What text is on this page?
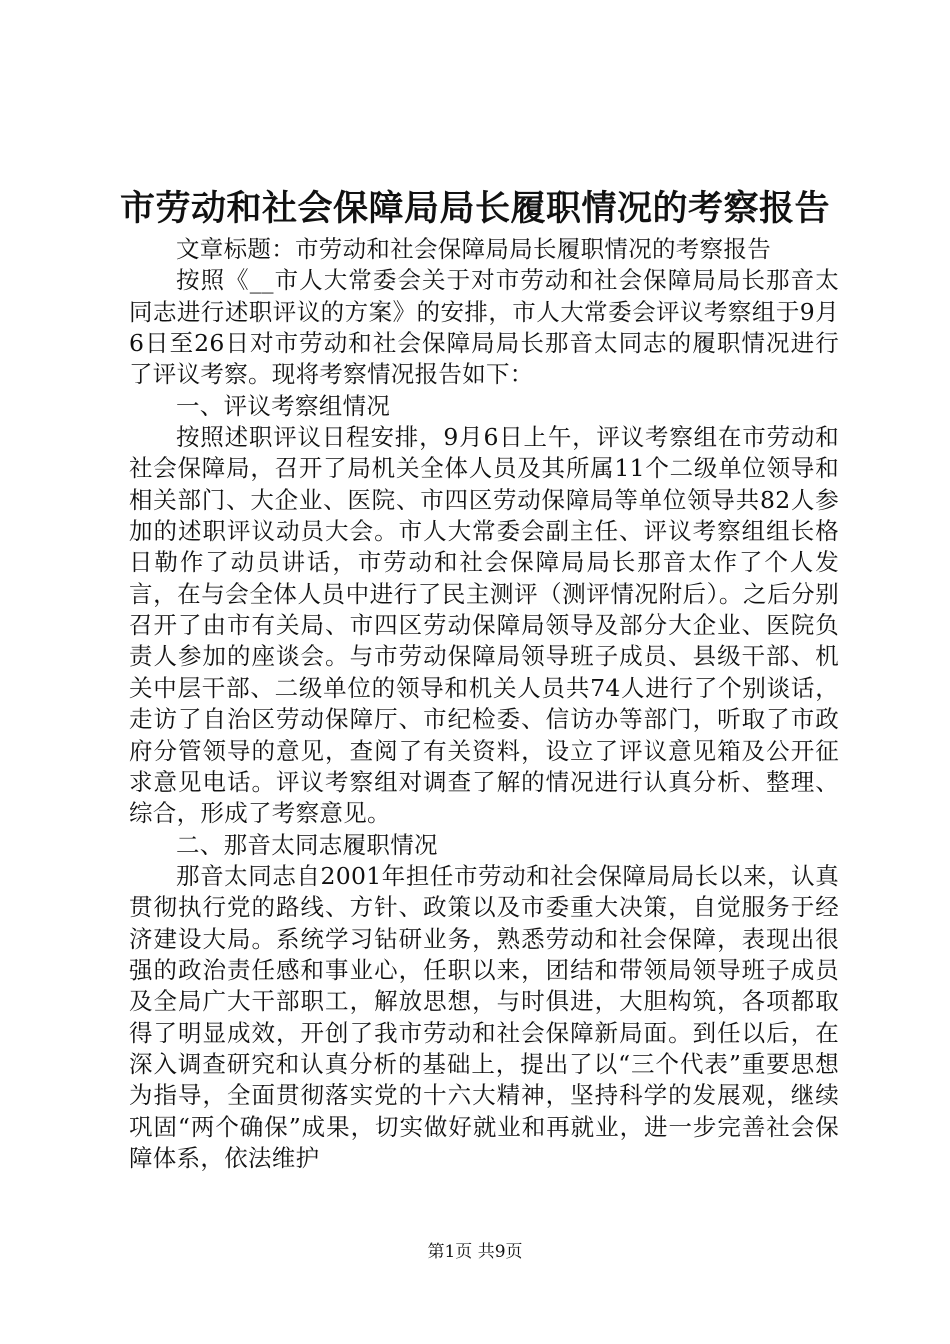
市劳动和社会保障局局长履职情况的考察报告

文章标题：市劳动和社会保障局局长履职情况的考察报告

按照《__市人大常委会关于对市劳动和社会保障局局长那音太同志进行述职评议的方案》的安排，市人大常委会评议考察组于9月6日至26日对市劳动和社会保障局局长那音太同志的履职情况进行了评议考察。现将考察情况报告如下：

一、评议考察组情况

按照述职评议日程安排，9月6日上午，评议考察组在市劳动和社会保障局，召开了局机关全体人员及其所属11个二级单位领导和相关部门、大企业、医院、市四区劳动保障局等单位领导共82人参加的述职评议动员大会。市人大常委会副主任、评议考察组组长格日勒作了动员讲话，市劳动和社会保障局局长那音太作了个人发言，在与会全体人员中进行了民主测评（测评情况附后）。之后分别召开了由市有关局、市四区劳动保障局领导及部分大企业、医院负责人参加的座谈会。与市劳动保障局领导班子成员、县级干部、机关中层干部、二级单位的领导和机关人员共74人进行了个别谈话，走访了自治区劳动保障厅、市纪检委、信访办等部门，听取了市政府分管领导的意见，查阅了有关资料，设立了评议意见箱及公开征求意见电话。评议考察组对调查了解的情况进行认真分析、整理、综合，形成了考察意见。

二、那音太同志履职情况

那音太同志自2001年担任市劳动和社会保障局局长以来，认真贯彻执行党的路线、方针、政策以及市委重大决策，自觉服务于经济建设大局。系统学习钻研业务，熟悉劳动和社会保障，表现出很强的政治责任感和事业心，任职以来，团结和带领局领导班子成员及全局广大干部职工，解放思想，与时俱进，大胆构筑，各项都取得了明显成效，开创了我市劳动和社会保障新局面。到任以后，在深入调查研究和认真分析的基础上，提出了以“三个代表”重要思想为指导，全面贯彻落实党的十六大精神，坚持科学的发展观，继续巩固“两个确保”成果，切实做好就业和再就业，进一步完善社会保障体系，依法维护

第1页 共9页
